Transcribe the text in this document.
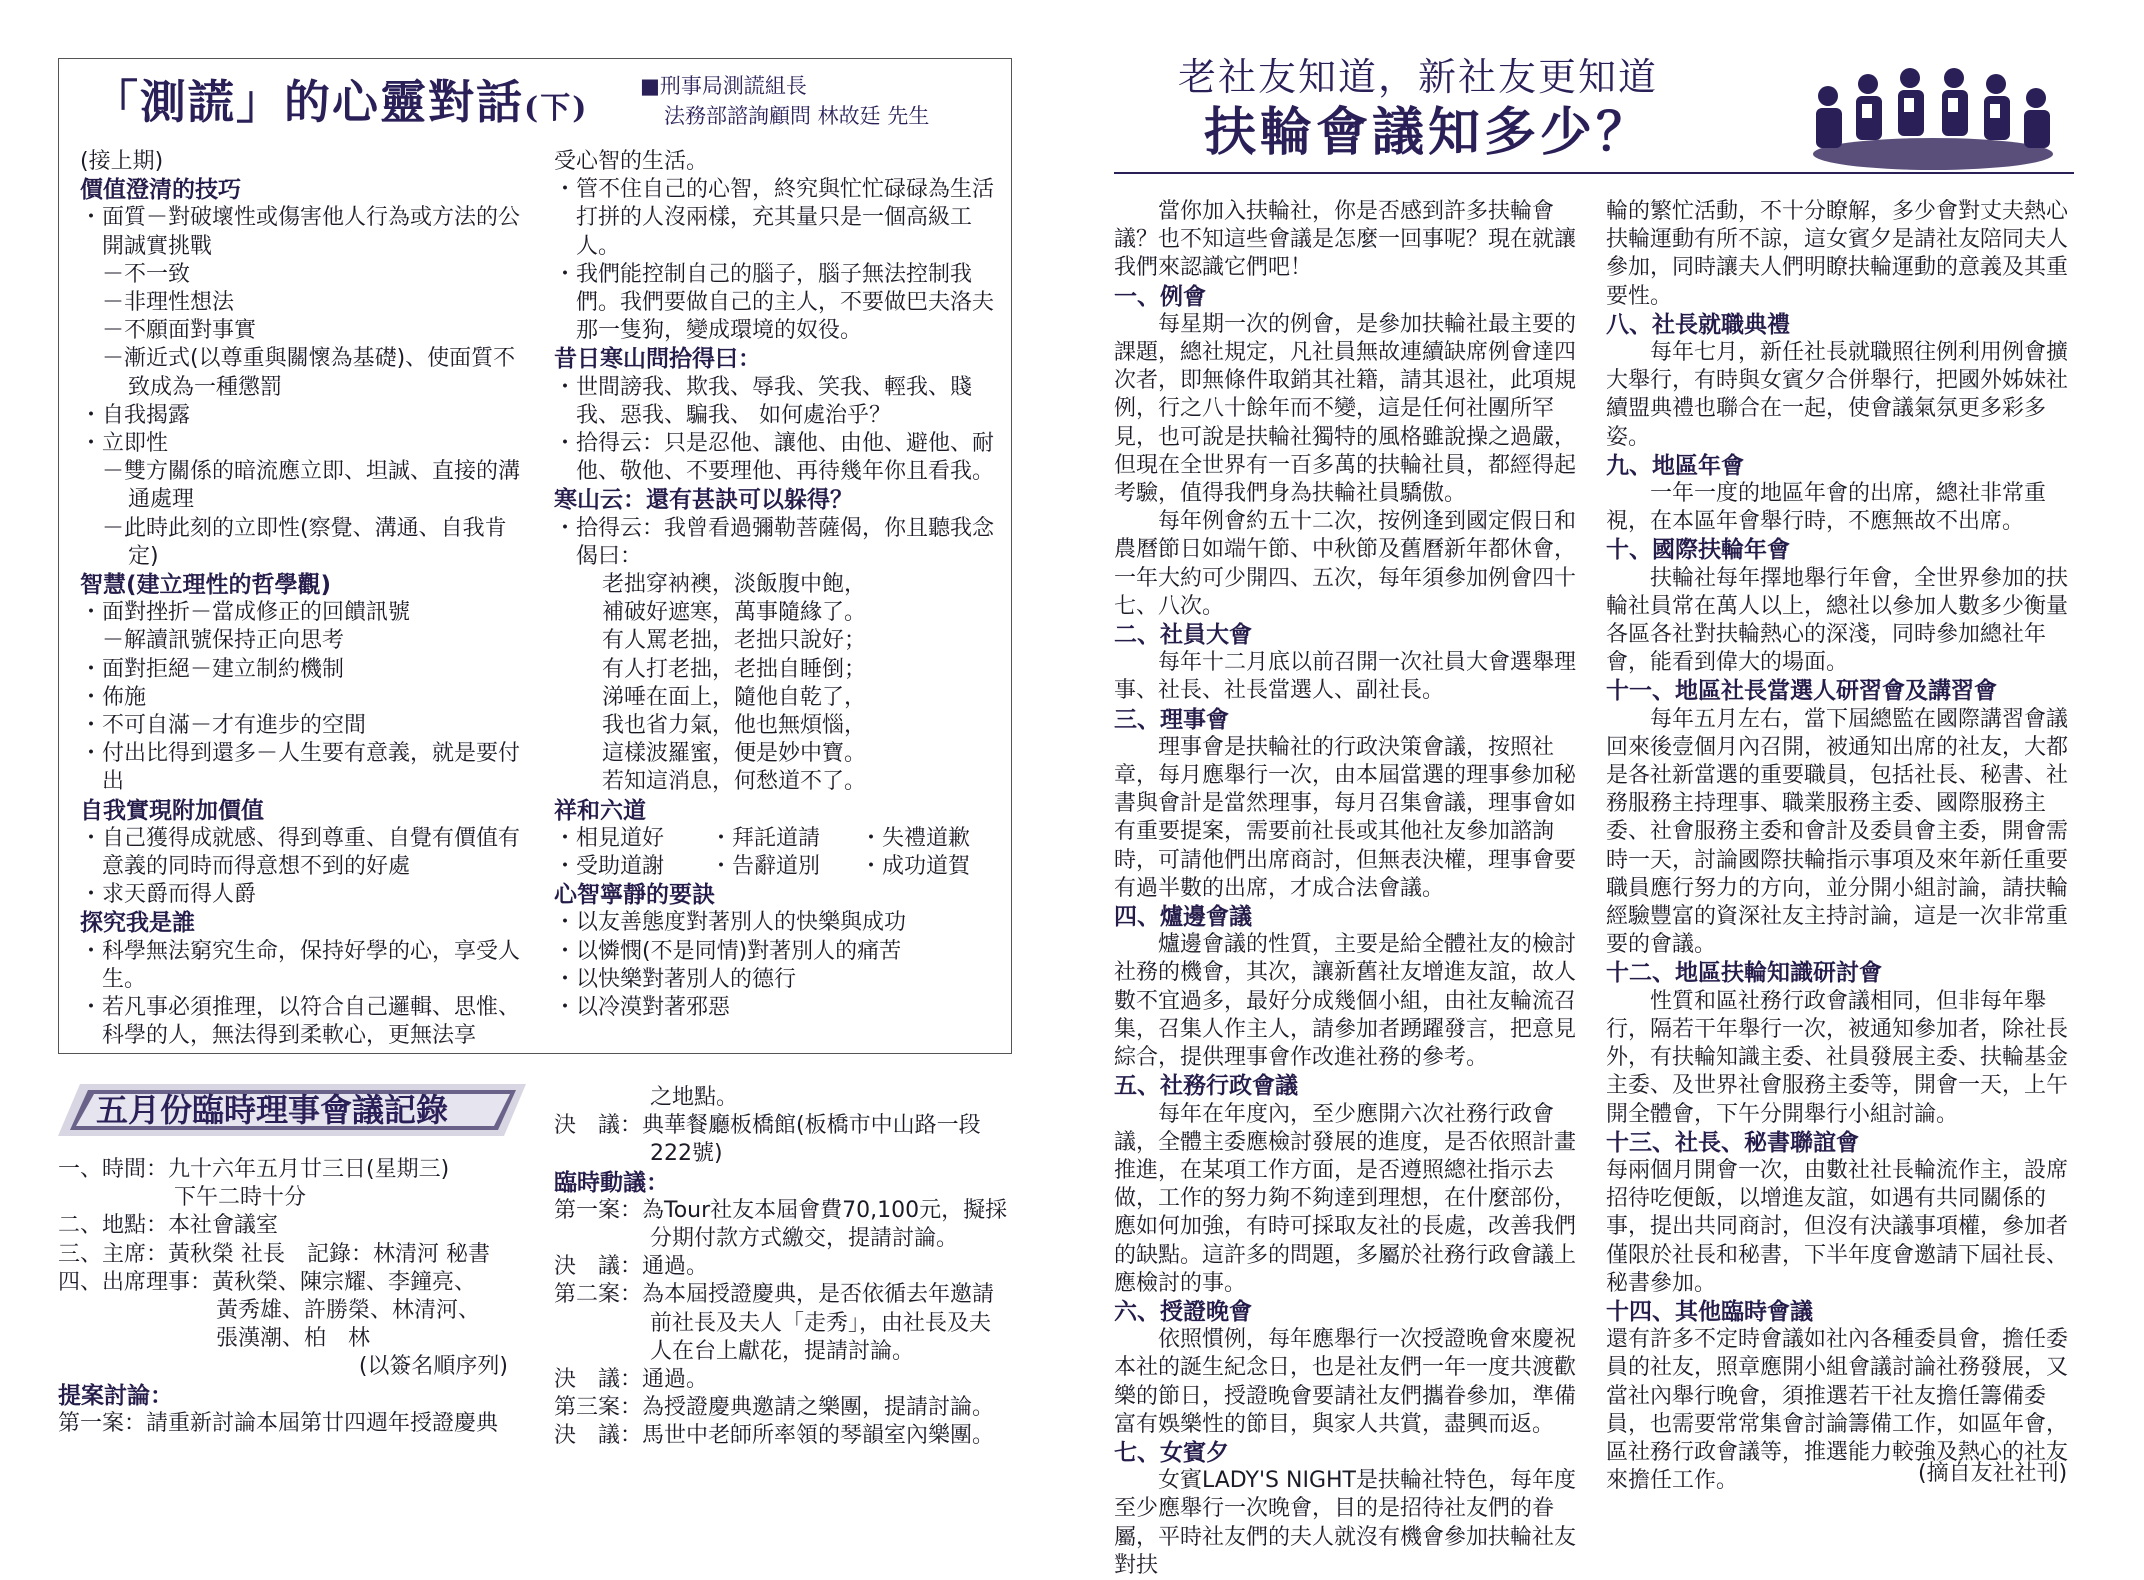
「測謊」的心靈對話(下)
■刑事局測謊組長
法務部諮詢顧問 林故廷 先生
(接上期)
價值澄清的技巧
・面質－對破壞性或傷害他人行為或方法的公開誠實挑戰
－不一致
－非理性想法
－不願面對事實
－漸近式(以尊重與關懷為基礎)、使面質不致成為一種懲罰
・自我揭露
・立即性
－雙方關係的暗流應立即、坦誠、直接的溝通處理
－此時此刻的立即性(察覺、溝通、自我肯定)
智慧(建立理性的哲學觀)
・面對挫折－當成修正的回饋訊號
－解讀訊號保持正向思考
・面對拒絕－建立制約機制
・佈施
・不可自滿－才有進步的空間
・付出比得到還多－人生要有意義，就是要付出
自我實現附加價值
・自己獲得成就感、得到尊重、自覺有價值有意義的同時而得意想不到的好處
・求天爵而得人爵
探究我是誰
・科學無法窮究生命，保持好學的心，享受人生。
・若凡事必須推理，以符合自己邏輯、思惟、科學的人，無法得到柔軟心，更無法享
受心智的生活。
・管不住自己的心智，終究與忙忙碌碌為生活打拼的人沒兩樣，充其量只是一個高級工人。
・我們能控制自己的腦子，腦子無法控制我們。我們要做自己的主人，不要做巴夫洛夫那一隻狗，變成環境的奴役。
昔日寒山問拾得曰：
・世間謗我、欺我、辱我、笑我、輕我、賤我、惡我、騙我、 如何處治乎？
・拾得云：只是忍他、讓他、由他、避他、耐他、敬他、不要理他、再待幾年你且看我。
寒山云：還有甚訣可以躲得？
・拾得云：我曾看過彌勒菩薩偈，你且聽我念偈曰：
老拙穿衲襖，淡飯腹中飽，
補破好遮寒，萬事隨緣了。
有人罵老拙，老拙只說好；
有人打老拙，老拙自睡倒；
涕唾在面上，隨他自乾了，
我也省力氣，他也無煩惱，
這樣波羅蜜，便是妙中寶。
若知這消息，何愁道不了。
祥和六道
・相見道好	・拜託道請	・失禮道歉
・受助道謝	・告辭道別	・成功道賀
心智寧靜的要訣
・以友善態度對著別人的快樂與成功
・以憐憫(不是同情)對著別人的痛苦
・以快樂對著別人的德行
・以冷漠對著邪惡
五月份臨時理事會議記錄
一、時間：九十六年五月廿三日(星期三)
下午二時十分
二、地點：本社會議室
三、主席：黃秋榮 社長　記錄：林清河 秘書
四、出席理事：黃秋榮、陳宗耀、李鐘亮、
黃秀雄、許勝榮、林清河、
張漢潮、柏　林
(以簽名順序列)
提案討論：
第一案：請重新討論本屆第廿四週年授證慶典
之地點。
決　議：典華餐廳板橋館(板橋市中山路一段
222號)
臨時動議：
第一案：為Tour社友本屆會費70,100元，擬採
分期付款方式繳交，提請討論。
決　議：通過。
第二案：為本屆授證慶典，是否依循去年邀請
前社長及夫人「走秀」，由社長及夫
人在台上獻花，提請討論。
決　議：通過。
第三案：為授證慶典邀請之樂團，提請討論。
決　議：馬世中老師所率領的琴韻室內樂團。
老社友知道，新社友更知道
扶輪會議知多少？
當你加入扶輪社，你是否感到許多扶輪會議？也不知這些會議是怎麼一回事呢？現在就讓我們來認識它們吧！
一、例會
每星期一次的例會，是參加扶輪社最主要的課題，總社規定，凡社員無故連續缺席例會達四次者，即無條件取銷其社籍，請其退社，此項規例，行之八十餘年而不變，這是任何社團所罕見，也可說是扶輪社獨特的風格雖說操之過嚴，但現在全世界有一百多萬的扶輪社員，都經得起考驗，值得我們身為扶輪社員驕傲。
每年例會約五十二次，按例逢到國定假日和農曆節日如端午節、中秋節及舊曆新年都休會，一年大約可少開四、五次，每年須參加例會四十七、八次。
二、社員大會
每年十二月底以前召開一次社員大會選舉理事、社長、社長當選人、副社長。
三、理事會
理事會是扶輪社的行政決策會議，按照社章，每月應舉行一次，由本屆當選的理事參加秘書與會計是當然理事，每月召集會議，理事會如有重要提案，需要前社長或其他社友參加諮詢時，可請他們出席商討，但無表決權，理事會要有過半數的出席，才成合法會議。
四、爐邊會議
爐邊會議的性質，主要是給全體社友的檢討社務的機會，其次，讓新舊社友增進友誼，故人數不宜過多，最好分成幾個小組，由社友輪流召集，召集人作主人，請參加者踴躍發言，把意見綜合，提供理事會作改進社務的參考。
五、社務行政會議
每年在年度內，至少應開六次社務行政會議，全體主委應檢討發展的進度，是否依照計畫推進，在某項工作方面，是否遵照總社指示去做，工作的努力夠不夠達到理想，在什麼部份，應如何加強，有時可採取友社的長處，改善我們的缺點。這許多的問題，多屬於社務行政會議上應檢討的事。
六、授證晚會
依照慣例，每年應舉行一次授證晚會來慶祝本社的誕生紀念日，也是社友們一年一度共渡歡樂的節日，授證晚會要請社友們攜眷參加，準備富有娛樂性的節目，與家人共賞，盡興而返。
七、女賓夕
女賓LADY'S NIGHT是扶輪社特色，每年度至少應舉行一次晚會，目的是招待社友們的眷屬，平時社友們的夫人就沒有機會參加扶輪社友對扶
輪的繁忙活動，不十分瞭解，多少會對丈夫熱心扶輪運動有所不諒，這女賓夕是請社友陪同夫人參加，同時讓夫人們明瞭扶輪運動的意義及其重要性。
八、社長就職典禮
每年七月，新任社長就職照往例利用例會擴大舉行，有時與女賓夕合併舉行，把國外姊妹社續盟典禮也聯合在一起，使會議氣氛更多彩多姿。
九、地區年會
一年一度的地區年會的出席，總社非常重視，在本區年會舉行時，不應無故不出席。
十、國際扶輪年會
扶輪社每年擇地舉行年會，全世界參加的扶輪社員常在萬人以上，總社以參加人數多少衡量各區各社對扶輪熱心的深淺，同時參加總社年會，能看到偉大的場面。
十一、地區社長當選人研習會及講習會
每年五月左右，當下屆總監在國際講習會議回來後壹個月內召開，被通知出席的社友，大都是各社新當選的重要職員，包括社長、秘書、社務服務主持理事、職業服務主委、國際服務主委、社會服務主委和會計及委員會主委，開會需時一天，討論國際扶輪指示事項及來年新任重要職員應行努力的方向，並分開小組討論，請扶輪經驗豐富的資深社友主持討論，這是一次非常重要的會議。
十二、地區扶輪知識研討會
性質和區社務行政會議相同，但非每年舉行，隔若干年舉行一次，被通知參加者，除社長外，有扶輪知識主委、社員發展主委、扶輪基金主委、及世界社會服務主委等，開會一天，上午開全體會，下午分開舉行小組討論。
十三、社長、秘書聯誼會
每兩個月開會一次，由數社社長輪流作主，設席招待吃便飯，以增進友誼，如遇有共同關係的事，提出共同商討，但沒有決議事項權，參加者僅限於社長和秘書，下半年度會邀請下屆社長、秘書參加。
十四、其他臨時會議
還有許多不定時會議如社內各種委員會，擔任委員的社友，照章應開小組會議討論社務發展，又當社內舉行晚會，須推選若干社友擔任籌備委員，也需要常常集會討論籌備工作，如區年會，區社務行政會議等，推選能力較強及熱心的社友來擔任工作。	(摘自友社社刊)
